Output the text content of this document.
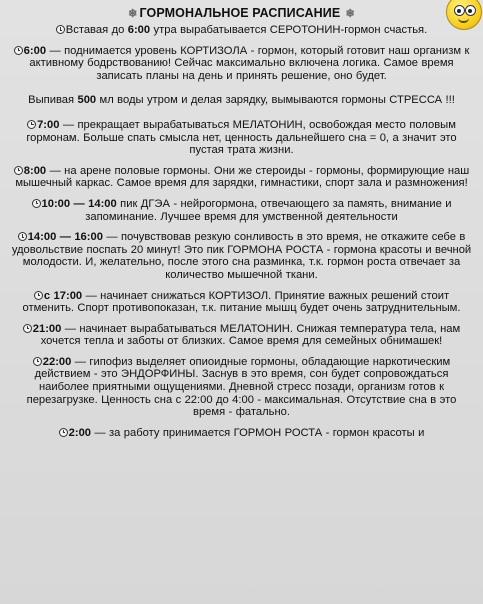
❄ ГОРМОНАЛЬНОЕ РАСПИСАНИЕ ❄

Вставая до 6:00 утра вырабатывается СЕРОТОНИН-гормон счастья.

6:00 — поднимается уровень КОРТИЗОЛА - гормон, который готовит наш организм к активному бодрствованию! Сейчас максимально включена логика. Самое время записать планы на день и принять решение, оно будет.

Выпивая 500 мл воды утром и делая зарядку, вымываются гормоны СТРЕССА !!!

7:00 — прекращает вырабатываться МЕЛАТОНИН, освобождая место половым гормонам. Больше спать смысла нет, ценность дальнейшего сна = 0, а значит это пустая трата жизни.

8:00 — на арене половые гормоны. Они же стероиды - гормоны, формирующие наш мышечный каркас. Самое время для зарядки, гимнастики, спорт зала и размножения!

10:00 — 14:00 пик ДГЭА - нейрогормона, отвечающего за память, внимание и запоминание. Лучшее время для умственной деятельности

14:00 — 16:00 — почувствовав резкую сонливость в это время, не откажите себе в удовольствие поспать 20 минут! Это пик ГОРМОНА РОСТА - гормона красоты и вечной молодости. И, желательно, после этого сна разминка, т.к. гормон роста отвечает за количество мышечной ткани.

с 17:00 — начинает снижаться КОРТИЗОЛ. Принятие важных решений стоит отменить. Спорт противопоказан, т.к. питание мышц будет очень затруднительным.

21:00 — начинает вырабатываться МЕЛАТОНИН. Снижая температура тела, нам хочется тепла и заботы от близких. Самое время для семейных обнимашек!

22:00 — гипофиз выделяет опиоидные гормоны, обладающие наркотическим действием - это ЭНДОРФИНЫ. Заснув в это время, сон будет сопровождаться наиболее приятными ощущениями. Дневной стресс позади, организм готов к перезагрузке. Ценность сна с 22:00 до 4:00 - максимальная. Отсутствие сна в это время - фатально.

2:00 — за работу принимается ГОРМОН РОСТА - гормон красоты и
